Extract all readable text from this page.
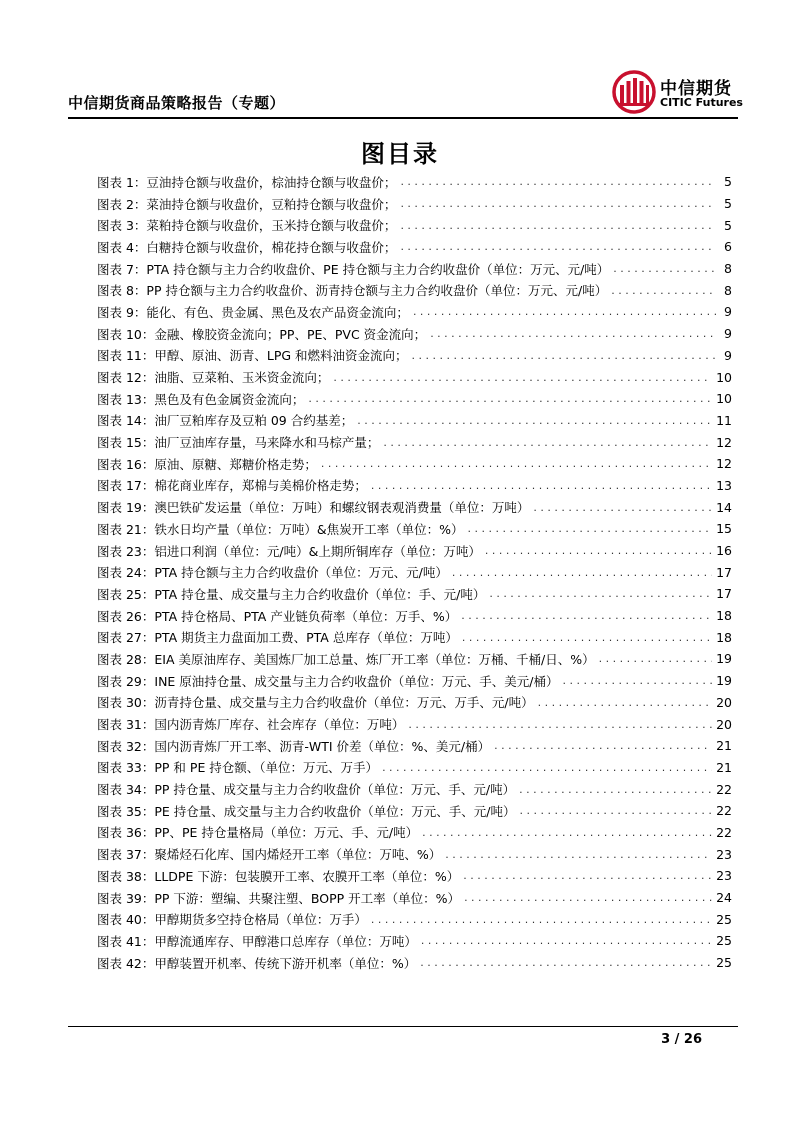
中信期货商品策略报告（专题）
中信期货
CITIC Futures
图目录
图表 1：豆油持仓额与收盘价，棕油持仓额与收盘价； . . .	5
图表 2：菜油持仓额与收盘价，豆粕持仓额与收盘价； . . .	5
图表 3：菜粕持仓额与收盘价，玉米持仓额与收盘价； . . .	5
图表 4：白糖持仓额与收盘价，棉花持仓额与收盘价； . . .	6
图表 7：PTA 持仓额与主力合约收盘价、PE 持仓额与主力合约收盘价（单位：万元、元/吨） . . .	8
图表 8：PP 持仓额与主力合约收盘价、沥青持仓额与主力合约收盘价（单位：万元、元/吨） . . .	8
图表 9：能化、有色、贵金属、黑色及农产品资金流向； . . .	9
图表 10：金融、橡胶资金流向；PP、PE、PVC 资金流向； . . .	9
图表 11：甲醇、原油、沥青、LPG 和燃料油资金流向； . . .	9
图表 12：油脂、豆菜粕、玉米资金流向； . . .	10
图表 13：黑色及有色金属资金流向； . . .	10
图表 14：油厂豆粕库存及豆粕 09 合约基差； . . .	11
图表 15：油厂豆油库存量，马来降水和马棕产量； . . .	12
图表 16：原油、原糖、郑糖价格走势； . . .	12
图表 17：棉花商业库存，郑棉与美棉价格走势； . . .	13
图表 19：澳巴铁矿发运量（单位：万吨）和螺纹钢表观消费量（单位：万吨） . . .	14
图表 21：铁水日均产量（单位：万吨）&焦炭开工率（单位：%） . . .	15
图表 23：铝进口利润（单位：元/吨）&上期所铜库存（单位：万吨） . . .	16
图表 24：PTA 持仓额与主力合约收盘价（单位：万元、元/吨） . . .	17
图表 25：PTA 持仓量、成交量与主力合约收盘价（单位：手、元/吨） . . .	17
图表 26：PTA 持仓格局、PTA 产业链负荷率（单位：万手、%） . . .	18
图表 27：PTA 期货主力盘面加工费、PTA 总库存（单位：万吨） . . .	18
图表 28：EIA 美原油库存、美国炼厂加工总量、炼厂开工率（单位：万桶、千桶/日、%） . . .	19
图表 29：INE 原油持仓量、成交量与主力合约收盘价（单位：万元、手、美元/桶） . . .	19
图表 30：沥青持仓量、成交量与主力合约收盘价（单位：万元、万手、元/吨） . . .	20
图表 31：国内沥青炼厂库存、社会库存（单位：万吨） . . .	20
图表 32：国内沥青炼厂开工率、沥青-WTI 价差（单位：%、美元/桶） . . .	21
图表 33：PP 和 PE 持仓额、（单位：万元、万手） . . .	21
图表 34：PP 持仓量、成交量与主力合约收盘价（单位：万元、手、元/吨） . . .	22
图表 35：PE 持仓量、成交量与主力合约收盘价（单位：万元、手、元/吨） . . .	22
图表 36：PP、PE 持仓量格局（单位：万元、手、元/吨） . . .	22
图表 37：聚烯烃石化库、国内烯烃开工率（单位：万吨、%） . . .	23
图表 38：LLDPE 下游：包装膜开工率、农膜开工率（单位：%） . . .	23
图表 39：PP 下游：塑编、共聚注塑、BOPP 开工率（单位：%） . . .	24
图表 40：甲醇期货多空持仓格局（单位：万手） . . .	25
图表 41：甲醇流通库存、甲醇港口总库存（单位：万吨） . . .	25
图表 42：甲醇装置开机率、传统下游开机率（单位：%） . . .	25
3 / 26
